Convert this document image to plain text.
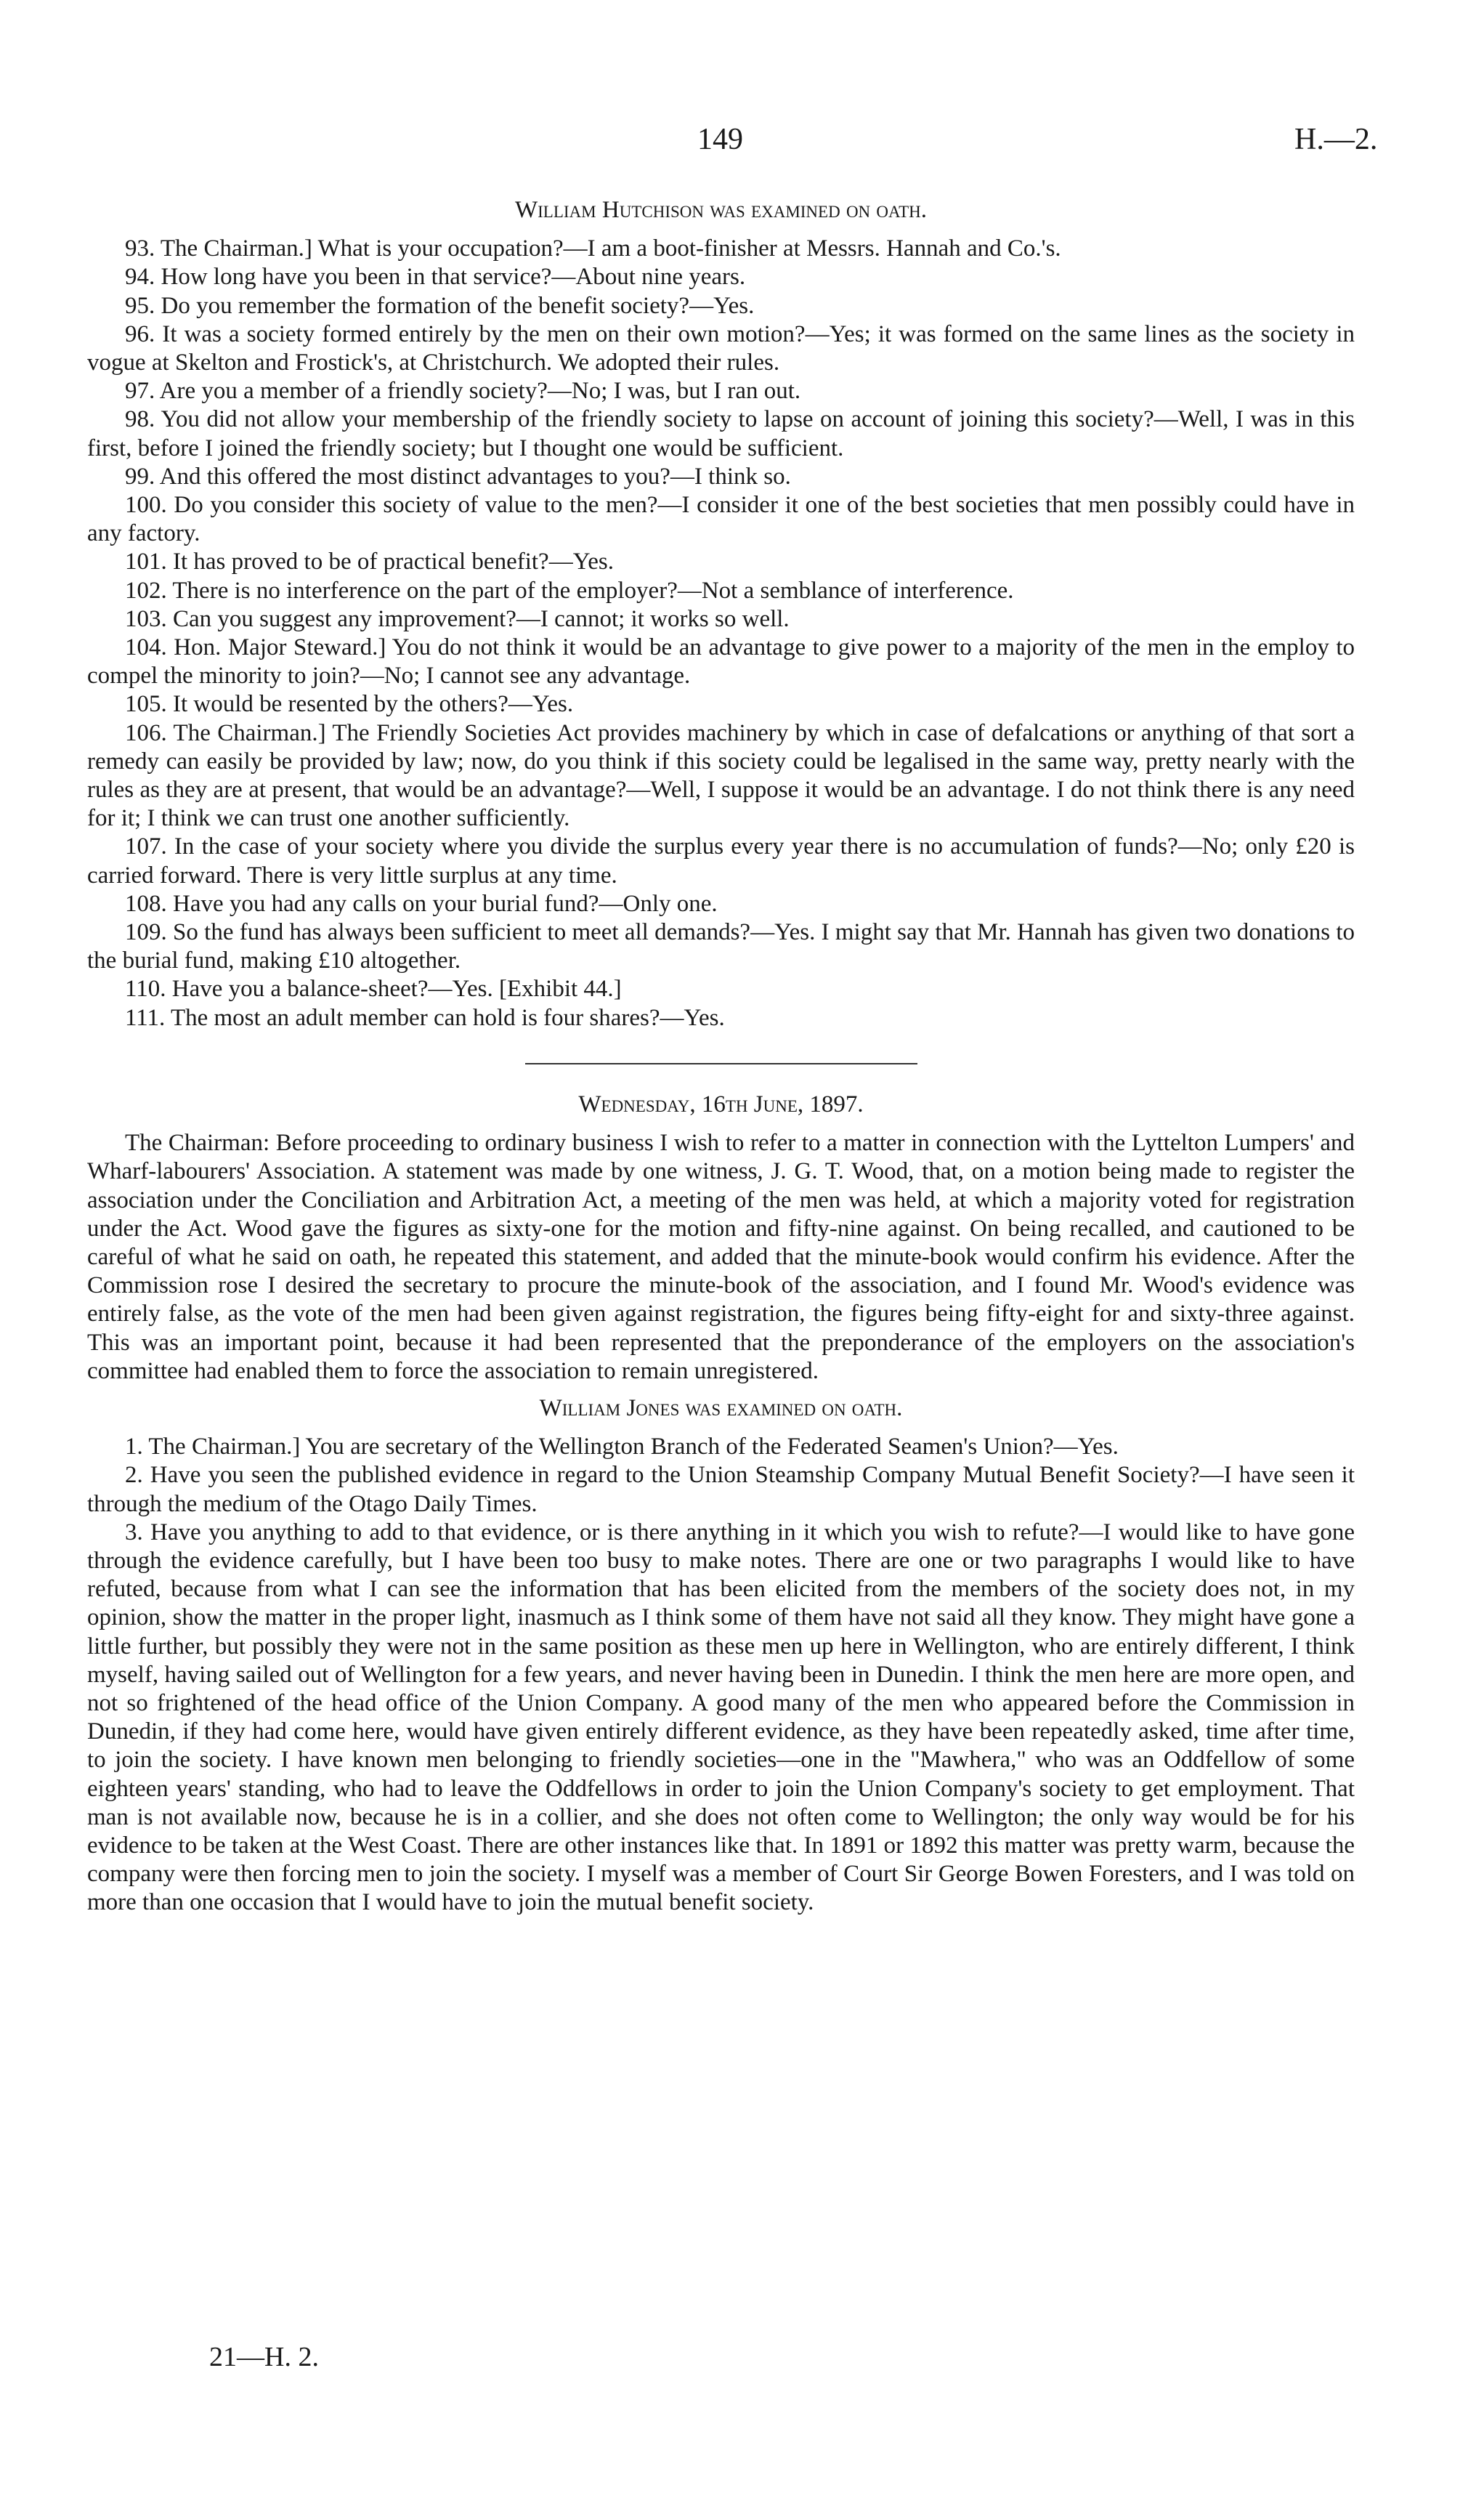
149	H.—2.
William Hutchison was examined on oath.

93. The Chairman.] What is your occupation?—I am a boot-finisher at Messrs. Hannah and Co.'s.

94. How long have you been in that service?—About nine years.

95. Do you remember the formation of the benefit society?—Yes.

96. It was a society formed entirely by the men on their own motion?—Yes; it was formed on the same lines as the society in vogue at Skelton and Frostick's, at Christchurch. We adopted their rules.

97. Are you a member of a friendly society?—No; I was, but I ran out.

98. You did not allow your membership of the friendly society to lapse on account of joining this society?—Well, I was in this first, before I joined the friendly society; but I thought one would be sufficient.

99. And this offered the most distinct advantages to you?—I think so.

100. Do you consider this society of value to the men?—I consider it one of the best societies that men possibly could have in any factory.

101. It has proved to be of practical benefit?—Yes.

102. There is no interference on the part of the employer?—Not a semblance of interference.

103. Can you suggest any improvement?—I cannot; it works so well.

104. Hon. Major Steward.] You do not think it would be an advantage to give power to a majority of the men in the employ to compel the minority to join?—No; I cannot see any advantage.

105. It would be resented by the others?—Yes.

106. The Chairman.] The Friendly Societies Act provides machinery by which in case of defalcations or anything of that sort a remedy can easily be provided by law; now, do you think if this society could be legalised in the same way, pretty nearly with the rules as they are at present, that would be an advantage?—Well, I suppose it would be an advantage. I do not think there is any need for it; I think we can trust one another sufficiently.

107. In the case of your society where you divide the surplus every year there is no accumulation of funds?—No; only £20 is carried forward. There is very little surplus at any time.

108. Have you had any calls on your burial fund?—Only one.

109. So the fund has always been sufficient to meet all demands?—Yes. I might say that Mr. Hannah has given two donations to the burial fund, making £10 altogether.

110. Have you a balance-sheet?—Yes. [Exhibit 44.]

111. The most an adult member can hold is four shares?—Yes.

Wednesday, 16th June, 1897.

The Chairman: Before proceeding to ordinary business I wish to refer to a matter in connection with the Lyttelton Lumpers' and Wharf-labourers' Association. A statement was made by one witness, J. G. T. Wood, that, on a motion being made to register the association under the Conciliation and Arbitration Act, a meeting of the men was held, at which a majority voted for registration under the Act. Wood gave the figures as sixty-one for the motion and fifty-nine against. On being recalled, and cautioned to be careful of what he said on oath, he repeated this statement, and added that the minute-book would confirm his evidence. After the Commission rose I desired the secretary to procure the minute-book of the association, and I found Mr. Wood's evidence was entirely false, as the vote of the men had been given against registration, the figures being fifty-eight for and sixty-three against. This was an important point, because it had been represented that the preponderance of the employers on the association's committee had enabled them to force the association to remain unregistered.

William Jones was examined on oath.

1. The Chairman.] You are secretary of the Wellington Branch of the Federated Seamen's Union?—Yes.

2. Have you seen the published evidence in regard to the Union Steamship Company Mutual Benefit Society?—I have seen it through the medium of the Otago Daily Times.

3. Have you anything to add to that evidence, or is there anything in it which you wish to refute?—I would like to have gone through the evidence carefully, but I have been too busy to make notes. There are one or two paragraphs I would like to have refuted, because from what I can see the information that has been elicited from the members of the society does not, in my opinion, show the matter in the proper light, inasmuch as I think some of them have not said all they know. They might have gone a little further, but possibly they were not in the same position as these men up here in Wellington, who are entirely different, I think myself, having sailed out of Wellington for a few years, and never having been in Dunedin. I think the men here are more open, and not so frightened of the head office of the Union Company. A good many of the men who appeared before the Commission in Dunedin, if they had come here, would have given entirely different evidence, as they have been repeatedly asked, time after time, to join the society. I have known men belonging to friendly societies—one in the "Mawhera," who was an Oddfellow of some eighteen years' standing, who had to leave the Oddfellows in order to join the Union Company's society to get employment. That man is not available now, because he is in a collier, and she does not often come to Wellington; the only way would be for his evidence to be taken at the West Coast. There are other instances like that. In 1891 or 1892 this matter was pretty warm, because the company were then forcing men to join the society. I myself was a member of Court Sir George Bowen Foresters, and I was told on more than one occasion that I would have to join the mutual benefit society.

21—H. 2.
